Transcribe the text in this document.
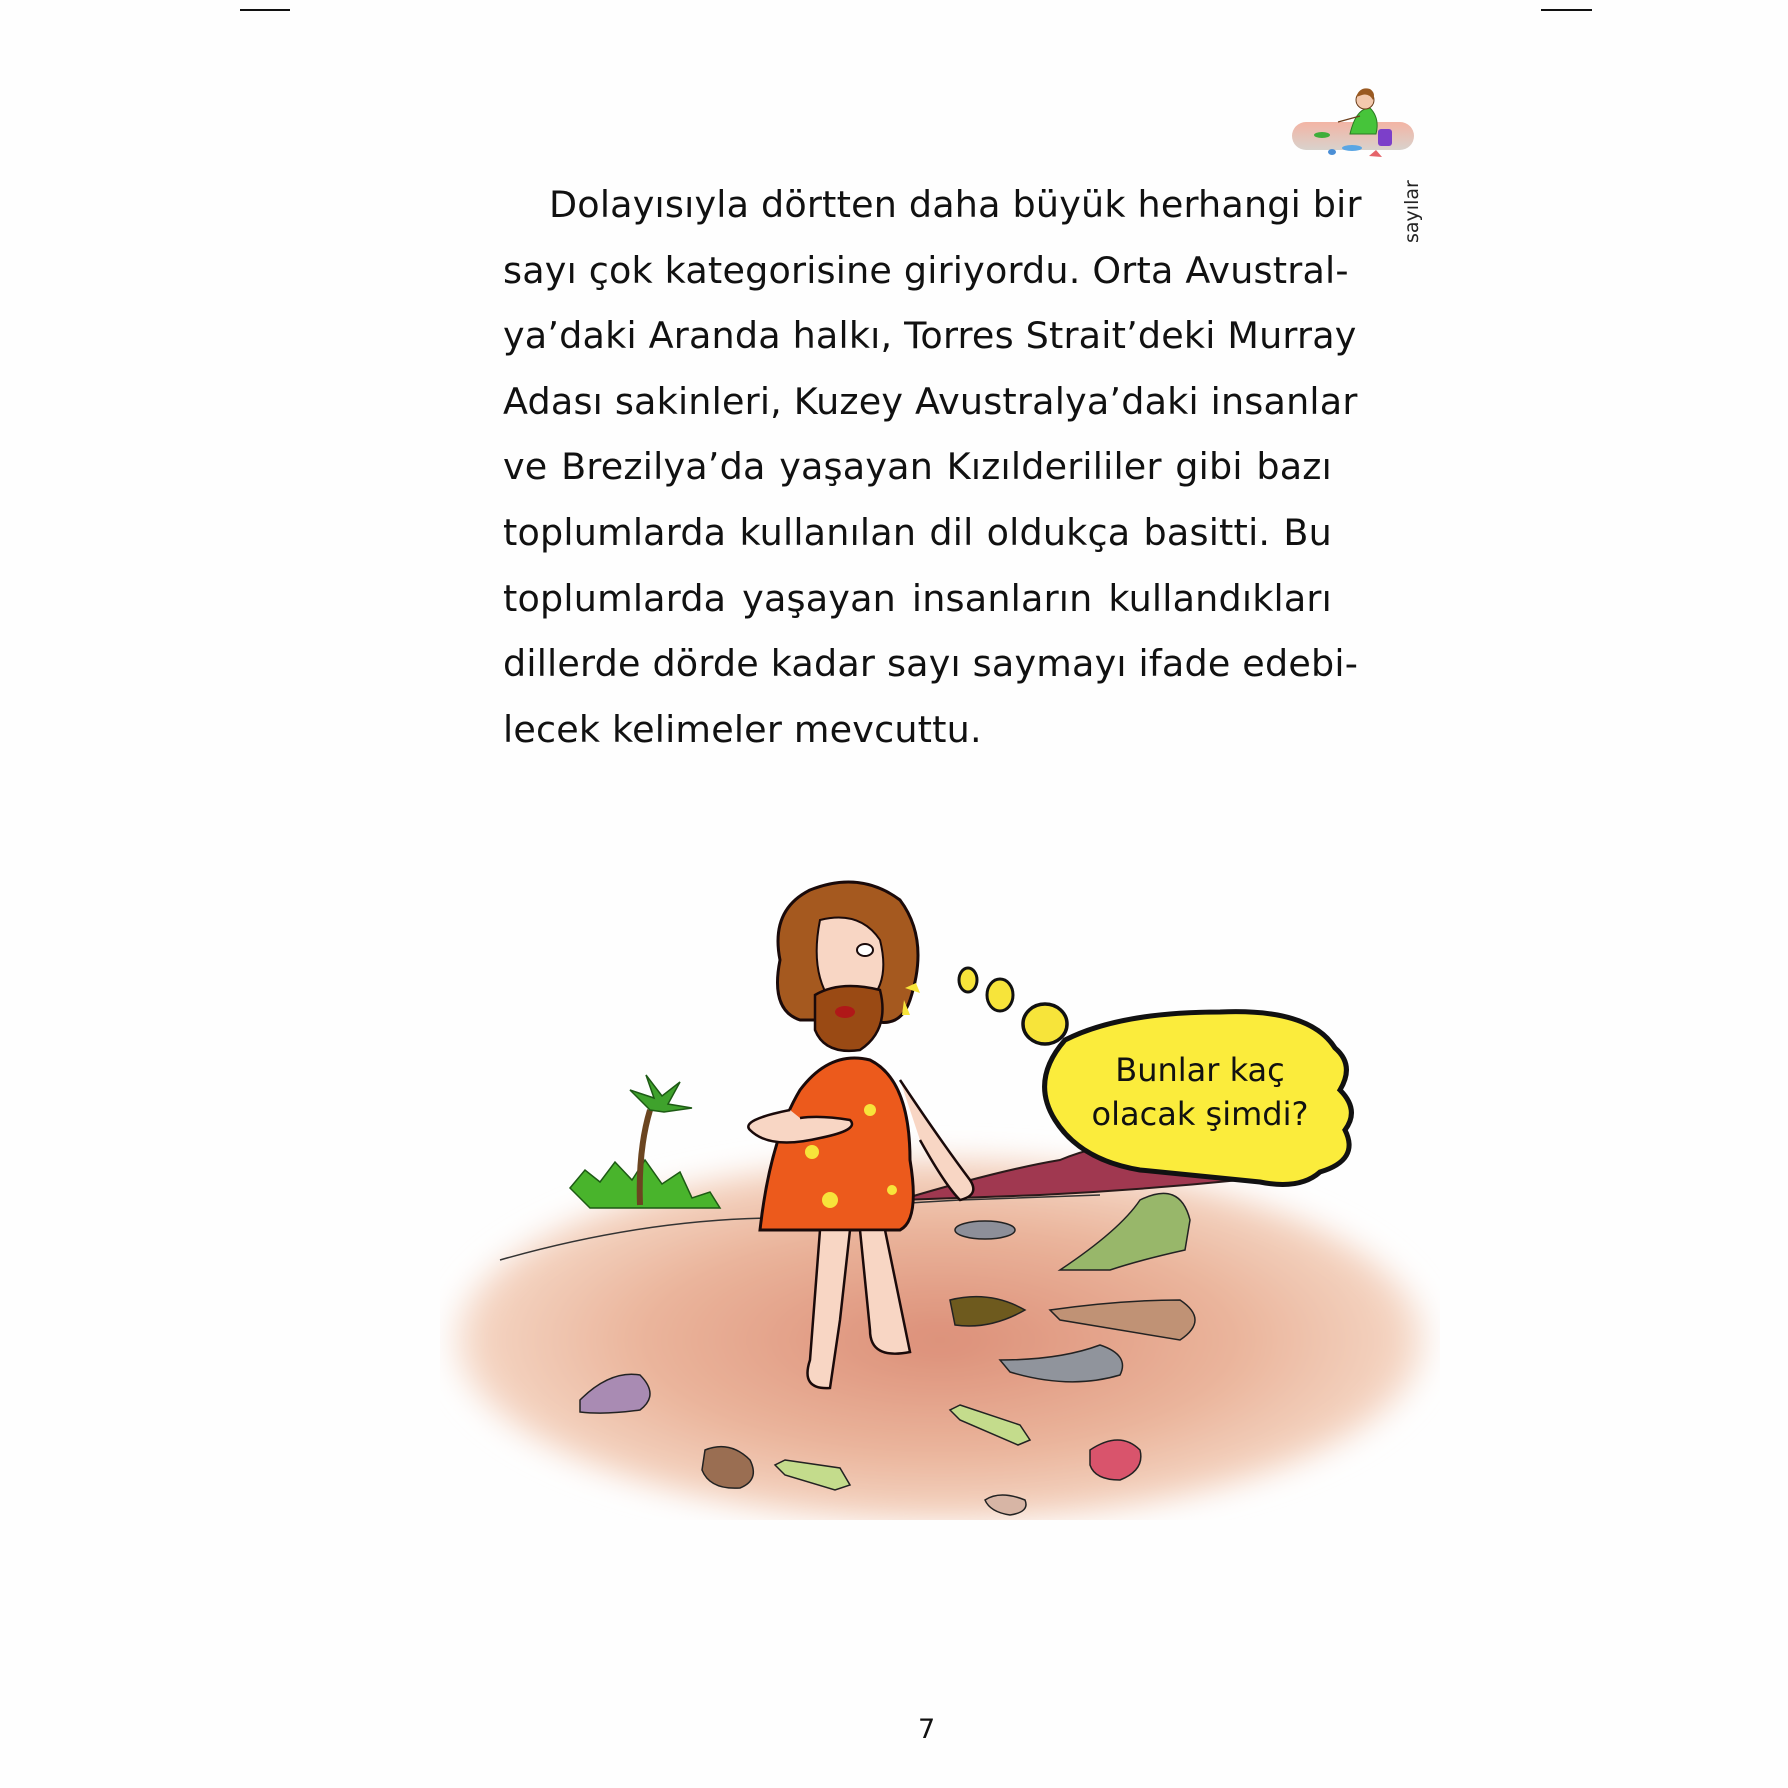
sayılar
Dolayısıyla dörtten daha büyük herhangi bir
sayı çok kategorisine giriyordu. Orta Avustral-
ya’daki Aranda halkı, Torres Strait’deki Murray
Adası sakinleri, Kuzey Avustralya’daki insanlar
ve Brezilya’da yaşayan Kızılderililer gibi bazı
toplumlarda kullanılan dil oldukça basitti. Bu
toplumlarda yaşayan insanların kullandıkları
dillerde dörde kadar sayı saymayı ifade edebi-
lecek kelimeler mevcuttu.
Bunlar kaç
olacak şimdi?
7
